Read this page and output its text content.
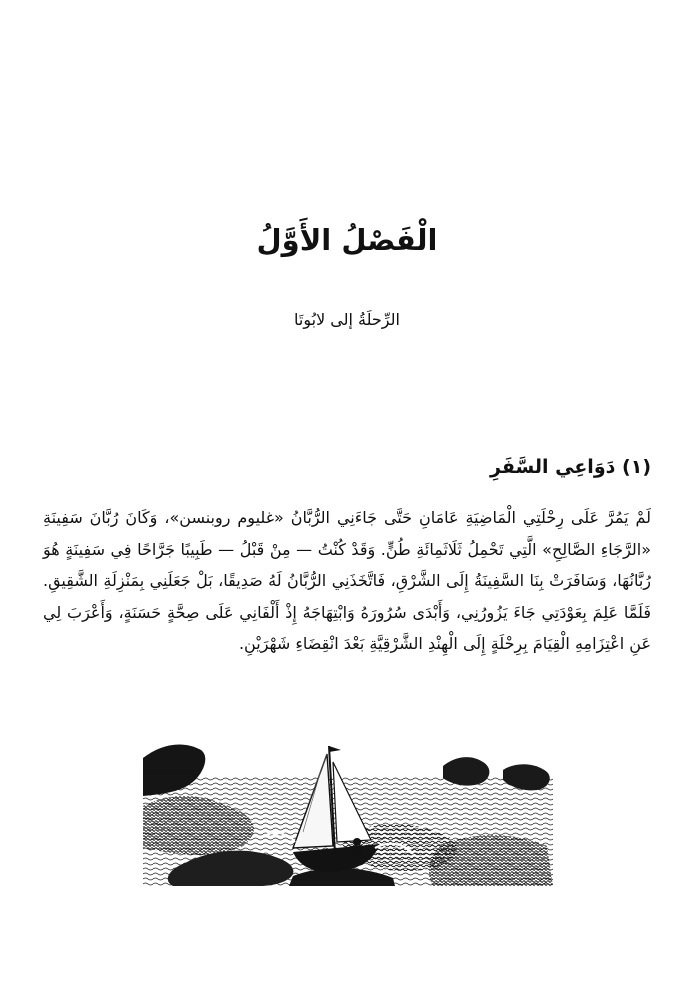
الْفَصْلُ الأَوَّلُ
الرِّحلَةُ إلى لابُوتَا
(١) دَوَاعِي السَّفَرِ

لَمْ يَمُرَّ عَلَى رِحْلَتِي الْمَاضِيَةِ عَامَانِ حَتَّى جَاءَنِي الرُّبَّانُ «غليوم روبنسن»، وَكَانَ رُبَّانَ سَفِينَةِ «الرَّجَاءِ الصَّالِحِ» الَّتِي تَحْمِلُ ثَلَاثَمِائَةِ طُنٍّ. وَقَدْ كُنْتُ — مِنْ قَبْلُ — طَبِيبًا جَرَّاحًا فِي سَفِينَةٍ هُوَ رُبَّانُهَا، وَسَافَرَتْ بِنَا السَّفِينَةُ إِلَى الشَّرْقِ، فَاتَّخَذَنِي الرُّبَّانُ لَهُ صَدِيقًا، بَلْ جَعَلَنِي بِمَنْزِلَةِ الشَّقِيقِ. فَلَمَّا عَلِمَ بِعَوْدَتِي جَاءَ يَزُورُنِي، وَأَبْدَى سُرُورَهُ وَابْتِهَاجَهُ إِذْ أَلْفَانِي عَلَى صِحَّةٍ حَسَنَةٍ، وَأَعْرَبَ لِي عَنِ اعْتِزَامِهِ الْقِيَامَ بِرِحْلَةٍ إِلَى الْهِنْدِ الشَّرْقِيَّةِ بَعْدَ انْقِضَاءِ شَهْرَيْنِ.
